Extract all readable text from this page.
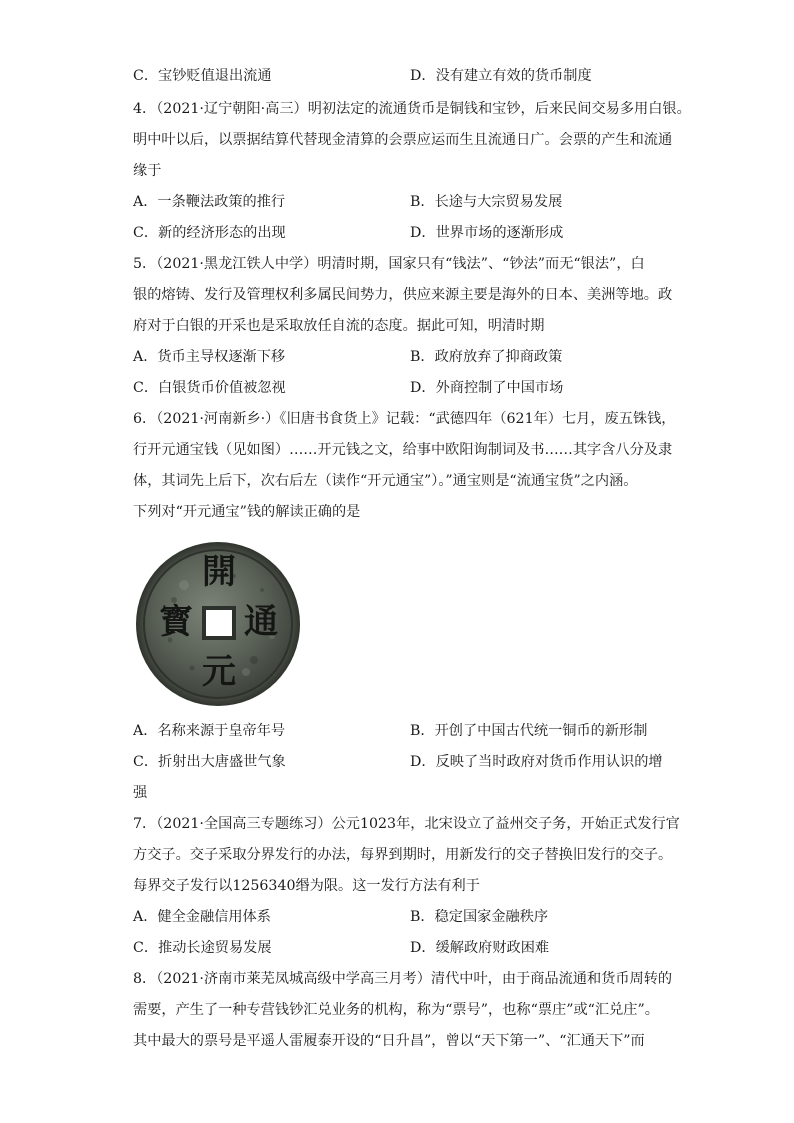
C．宝钞贬值退出流通	D．没有建立有效的货币制度
4．（2021·辽宁朝阳·高三）明初法定的流通货币是铜钱和宝钞，后来民间交易多用白银。
明中叶以后，以票据结算代替现金清算的会票应运而生且流通日广。会票的产生和流通
缘于
A．一条鞭法政策的推行	B．长途与大宗贸易发展
C．新的经济形态的出现	D．世界市场的逐渐形成
5．（2021·黑龙江铁人中学）明清时期，国家只有“钱法”、“钞法”而无“银法”，白
银的熔铸、发行及管理权利多属民间势力，供应来源主要是海外的日本、美洲等地。政
府对于白银的开采也是采取放任自流的态度。据此可知，明清时期
A．货币主导权逐渐下移	B．政府放弃了抑商政策
C．白银货币价值被忽视	D．外商控制了中国市场
6．（2021·河南新乡·）《旧唐书食货上》记载：“武德四年（621年）七月，废五铢钱，
行开元通宝钱（见如图）……开元钱之文，给事中欧阳询制词及书……其字含八分及隶
体，其词先上后下，次右后左（读作“开元通宝”）。”通宝则是“流通宝货”之内涵。
下列对“开元通宝”钱的解读正确的是
開
通
元
寳
A．名称来源于皇帝年号	B．开创了中国古代统一铜币的新形制
C．折射出大唐盛世气象	D．反映了当时政府对货币作用认识的增
强
7．（2021·全国高三专题练习）公元1023年，北宋设立了益州交子务，开始正式发行官
方交子。交子采取分界发行的办法，每界到期时，用新发行的交子替换旧发行的交子。
每界交子发行以1256340缗为限。这一发行方法有利于
A．健全金融信用体系	B．稳定国家金融秩序
C．推动长途贸易发展	D．缓解政府财政困难
8．（2021·济南市莱芜凤城高级中学高三月考）清代中叶，由于商品流通和货币周转的
需要，产生了一种专营钱钞汇兑业务的机构，称为“票号”，也称“票庄”或“汇兑庄”。
其中最大的票号是平遥人雷履泰开设的“日升昌”，曾以“天下第一”、“汇通天下”而
